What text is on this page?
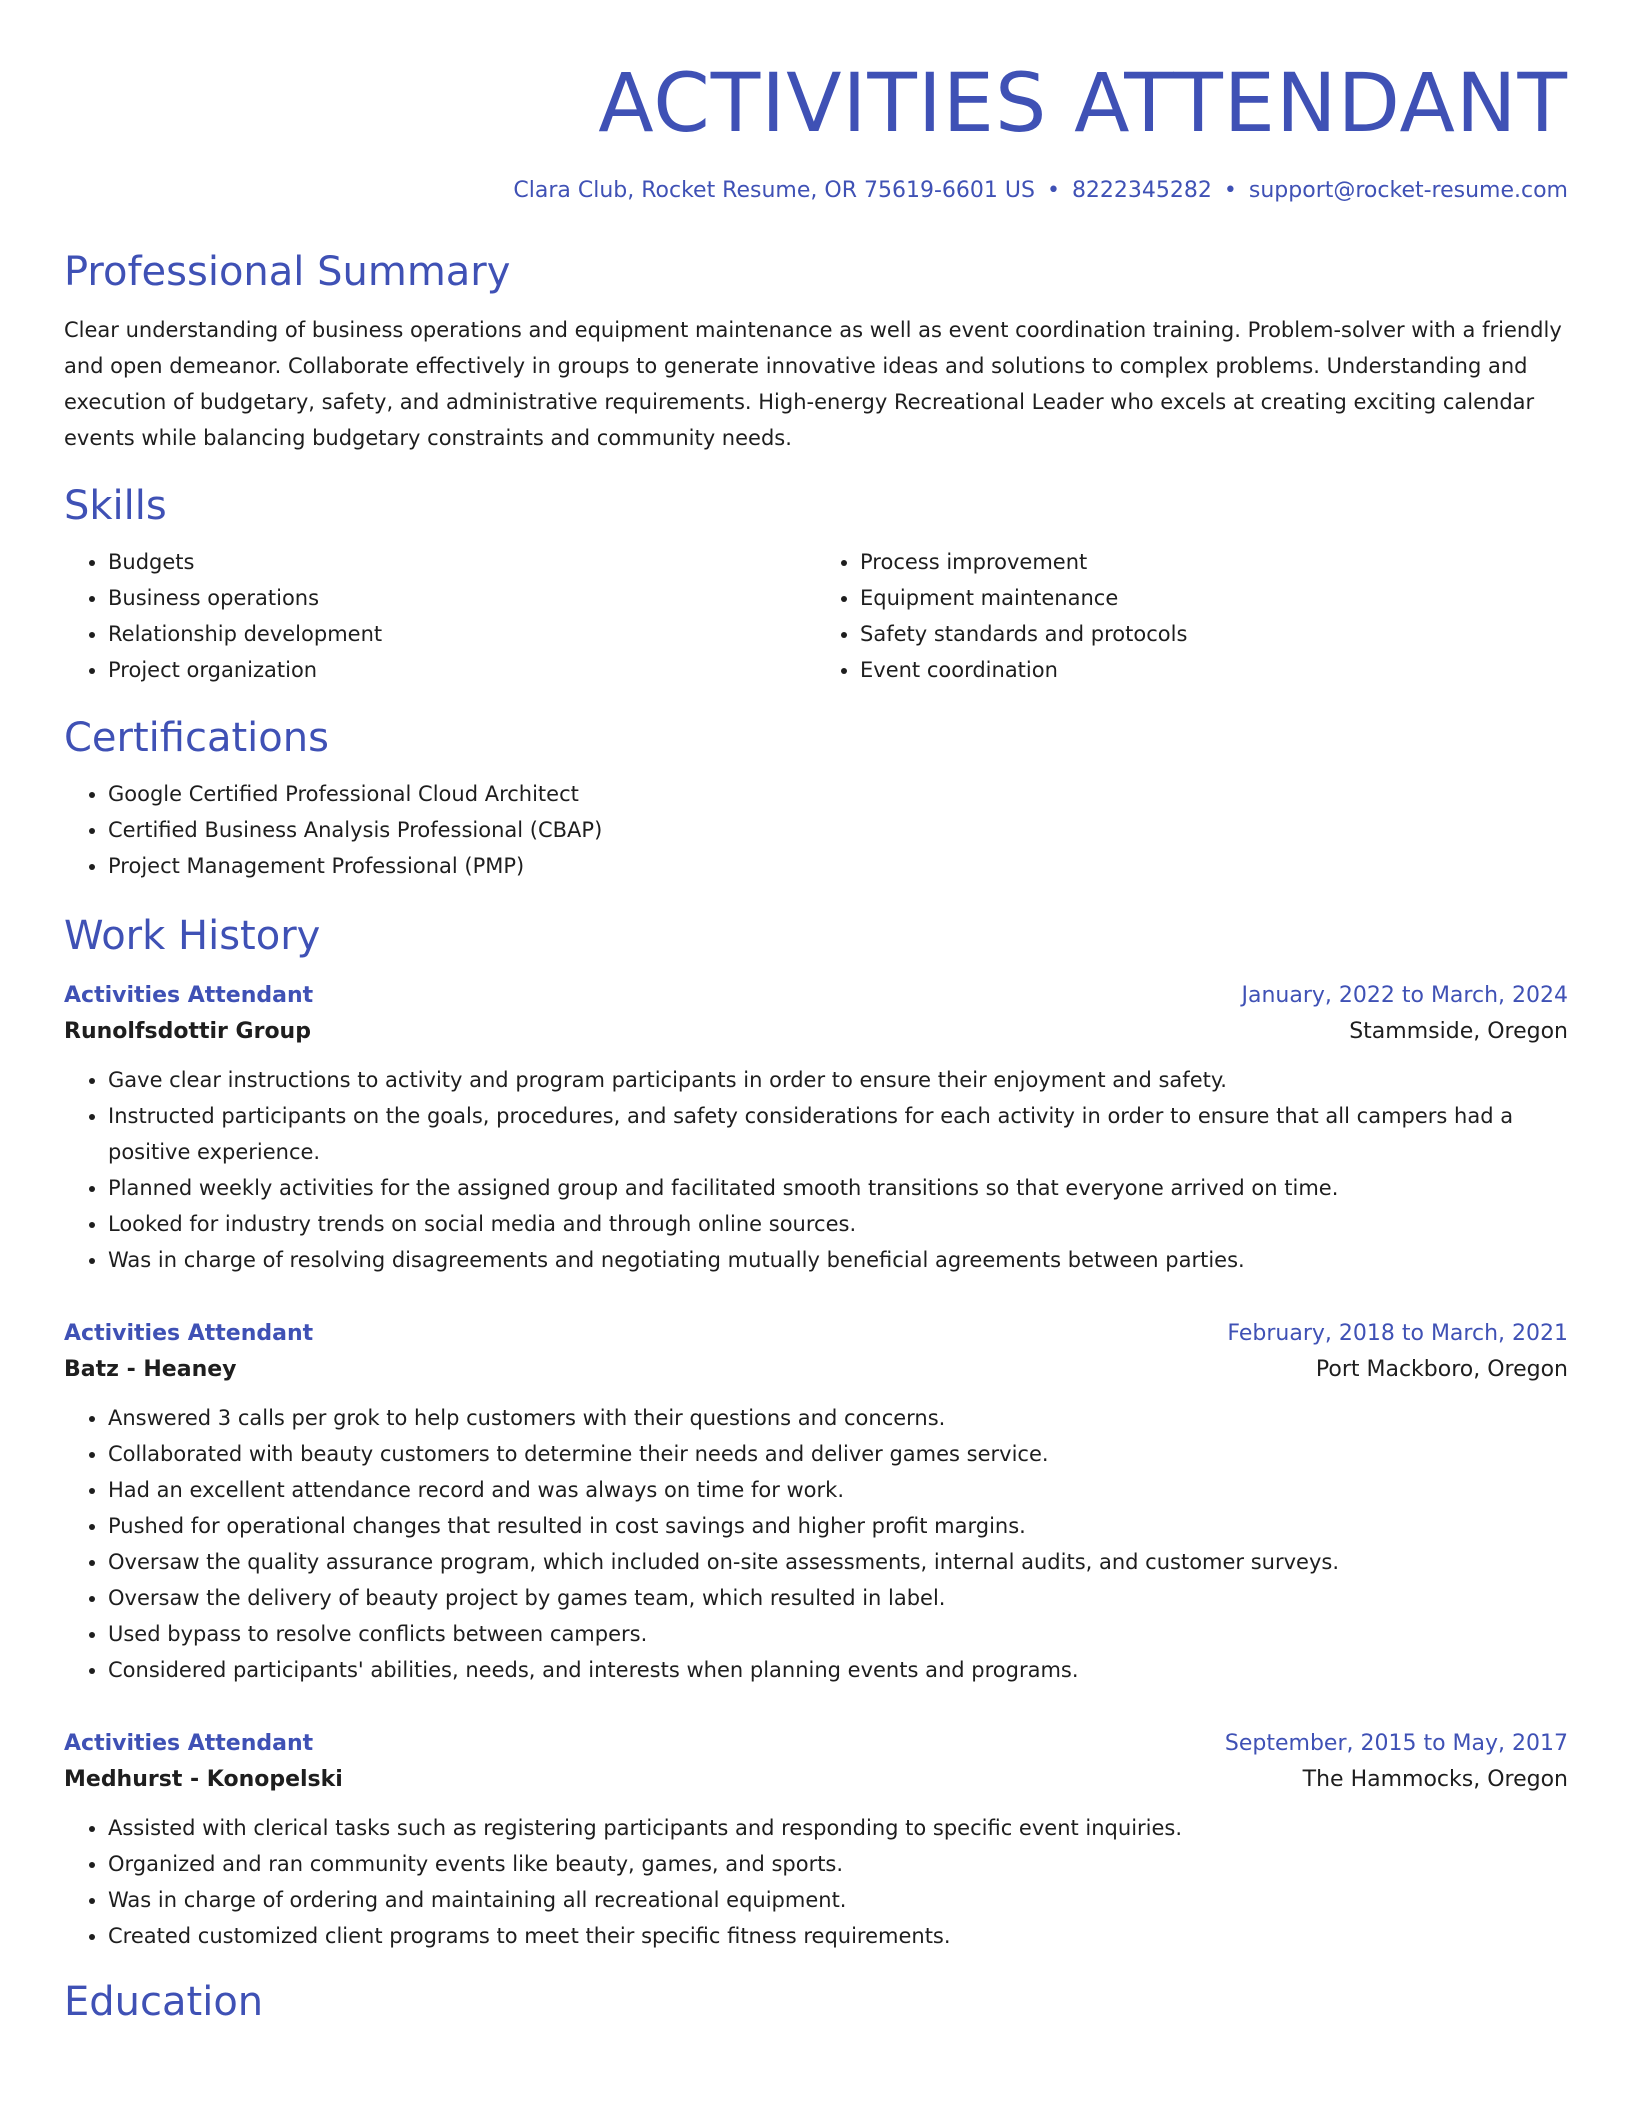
ACTIVITIES ATTENDANT
Clara Club, Rocket Resume, OR 75619-6601 US • 8222345282 • support@rocket-resume.com
Professional Summary

Clear understanding of business operations and equipment maintenance as well as event coordination training. Problem-solver with a friendly and open demeanor. Collaborate effectively in groups to generate innovative ideas and solutions to complex problems. Understanding and execution of budgetary, safety, and administrative requirements. High-energy Recreational Leader who excels at creating exciting calendar events while balancing budgetary constraints and community needs.

Skills
• Budgets
• Business operations
• Relationship development
• Project organization
• Process improvement
• Equipment maintenance
• Safety standards and protocols
• Event coordination
Certifications
• Google Certified Professional Cloud Architect
• Certified Business Analysis Professional (CBAP)
• Project Management Professional (PMP)
Work History
Activities Attendant	January, 2022 to March, 2024
Runolfsdottir Group	Stammside, Oregon
• Gave clear instructions to activity and program participants in order to ensure their enjoyment and safety.
• Instructed participants on the goals, procedures, and safety considerations for each activity in order to ensure that all campers had a positive experience.
• Planned weekly activities for the assigned group and facilitated smooth transitions so that everyone arrived on time.
• Looked for industry trends on social media and through online sources.
• Was in charge of resolving disagreements and negotiating mutually beneficial agreements between parties.
Activities Attendant	February, 2018 to March, 2021
Batz - Heaney	Port Mackboro, Oregon
• Answered 3 calls per grok to help customers with their questions and concerns.
• Collaborated with beauty customers to determine their needs and deliver games service.
• Had an excellent attendance record and was always on time for work.
• Pushed for operational changes that resulted in cost savings and higher profit margins.
• Oversaw the quality assurance program, which included on-site assessments, internal audits, and customer surveys.
• Oversaw the delivery of beauty project by games team, which resulted in label.
• Used bypass to resolve conflicts between campers.
• Considered participants' abilities, needs, and interests when planning events and programs.
Activities Attendant	September, 2015 to May, 2017
Medhurst - Konopelski	The Hammocks, Oregon
• Assisted with clerical tasks such as registering participants and responding to specific event inquiries.
• Organized and ran community events like beauty, games, and sports.
• Was in charge of ordering and maintaining all recreational equipment.
• Created customized client programs to meet their specific fitness requirements.
Education
